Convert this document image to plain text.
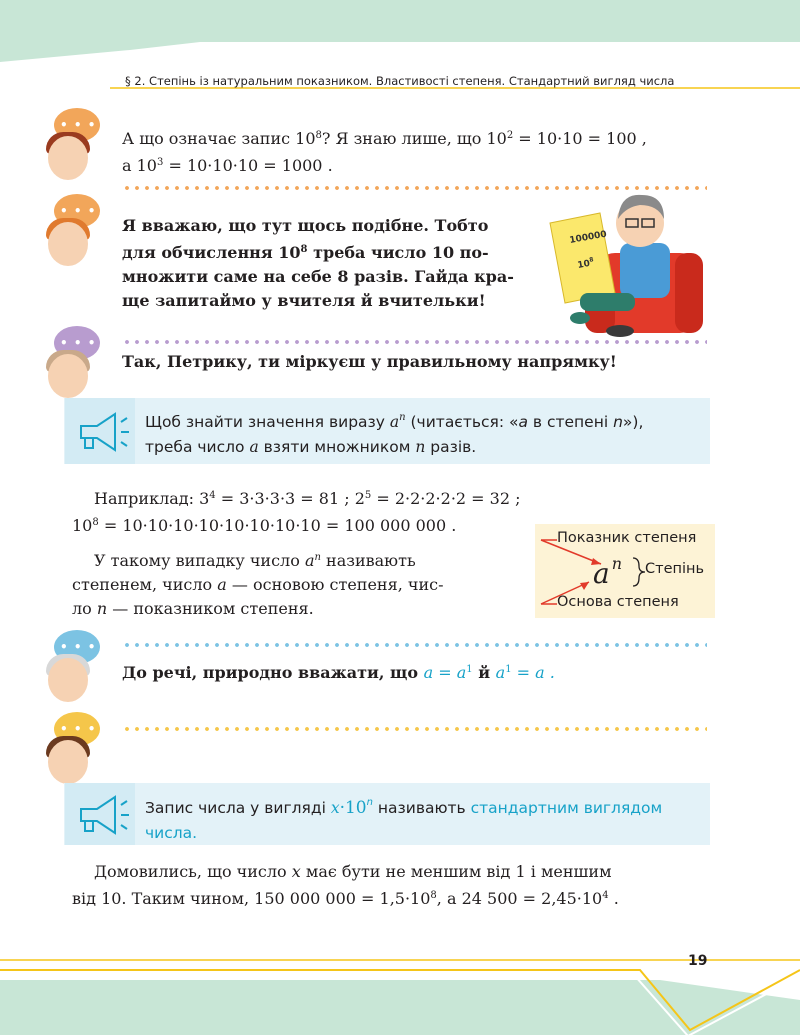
§ 2. Степінь із натуральним показником. Властивості степеня. Стандартний вигляд числа
• • •
А що означає запис $10^8$? Я знаю лише, що $10^2 = 10\cdot 10 = 100$ ,
а $10^3 = 10\cdot 10\cdot 10 = 1000$ .
• • •
Я вважаю, що тут щось подібне. Тобто
для обчислення $10^8$ треба число 10 по-
множити саме на себе 8 разів. Гайда кра-
ще запитаймо у вчителя й вчительки!
100000
$10^8$
• • •
Так, Петрику, ти міркуєш у правильному напрямку!
Щоб знайти значення виразу $a^n$ (читається: «a в степені n»),
треба число a взяти множником n разів.
Наприклад: $3^4 = 3\cdot 3\cdot 3\cdot 3 = 81$ ; $2^5 = 2\cdot 2\cdot 2\cdot 2\cdot 2 = 32$ ;
$10^8 = 10\cdot 10\cdot 10\cdot 10\cdot 10\cdot 10\cdot 10\cdot 10 = 100$ 000 000 .
У такому випадку число $a^n$ називають
степенем, число a — основою степеня, чис-
ло n — показником степеня.
Показник степеня
an Степінь
Основа степеня
• • •
До речі, природно вважати, що $a = a^1$ й $a^1 = a$ .
• • •
Запис числа у вигляді $x\cdot 10^n$ називають стандартним виглядом
числа.
Домовились, що число x має бути не меншим від 1 і меншим
від 10. Таким чином, 150 000 $000 = 1,5\cdot 10^8$, а 24 $500 = 2,45\cdot 10^4$ .
19
